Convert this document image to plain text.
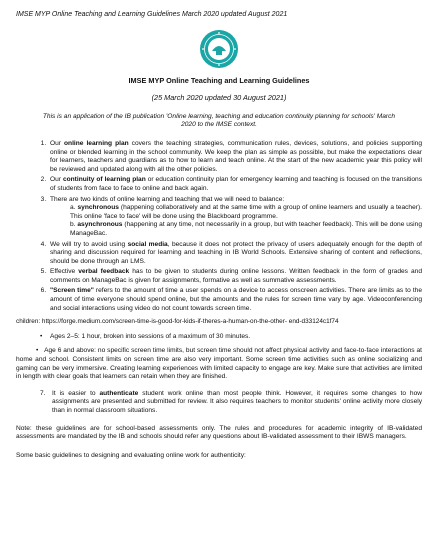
IMSE MYP Online Teaching and Learning Guidelines March 2020 updated August 2021
IMSE MYP Online Teaching and Learning Guidelines
(25 March 2020 updated 30 August 2021)
This is an application of the IB publication 'Online learning, teaching and education continuity planning for schools' March 2020 to the IMSE context.
1. Our online learning plan covers the teaching strategies, communication rules, devices, solutions, and policies supporting online or blended learning in the school community. We keep the plan as simple as possible, but make the expectations clear for learners, teachers and guardians as to how to learn and teach online. At the start of the new academic year this policy will be reviewed and updated along with all the other policies.
2. Our continuity of learning plan or education continuity plan for emergency learning and teaching is focused on the transitions of students from face to face to online and back again.
3. There are two kinds of online learning and teaching that we will need to balance:
a. synchronous (happening collaboratively and at the same time with a group of online learners and usually a teacher). This online 'face to face' will be done using the Blackboard programme.
b. asynchronous (happening at any time, not necessarily in a group, but with teacher feedback). This will be done using ManageBac.
4. We will try to avoid using social media, because it does not protect the privacy of users adequately enough for the depth of sharing and discussion required for learning and teaching in IB World Schools. Extensive sharing of content and reflections, should be done through an LMS.
5. Effective verbal feedback has to be given to students during online lessons. Written feedback in the form of grades and comments on ManageBac is given for assignments, formative as well as summative assessments.
6. "Screen time" refers to the amount of time a user spends on a device to access onscreen activities. There are limits as to the amount of time everyone should spend online, but the amounts and the rules for screen time vary by age. Videoconferencing and social interactions using video do not count towards screen time.
children: https://forge.medium.com/screen-time-is-good-for-kids-if-theres-a-human-on-the-other- end-d33124c1f74
•	Ages 2–5: 1 hour, broken into sessions of a maximum of 30 minutes.
•   Age 6 and above: no specific screen time limits, but screen time should not affect physical activity and face-to-face interactions at home and school. Consistent limits on screen time are also very important. Some screen time activities such as online socializing and gaming can be very immersive. Creating learning experiences with limited capacity to engage are key. Make sure that activities are limited in length with clear goals that learners can retain when they are finished.
7. It is easier to authenticate student work online than most people think. However, it requires some changes to how assignments are presented and submitted for review. It also requires teachers to monitor students' online activity more closely than in normal classroom situations.
Note: these guidelines are for school-based assessments only. The rules and procedures for academic integrity of IB-validated assessments are mandated by the IB and schools should refer any questions about IB-validated assessment to their IBWS managers.
Some basic guidelines to designing and evaluating online work for authenticity:
